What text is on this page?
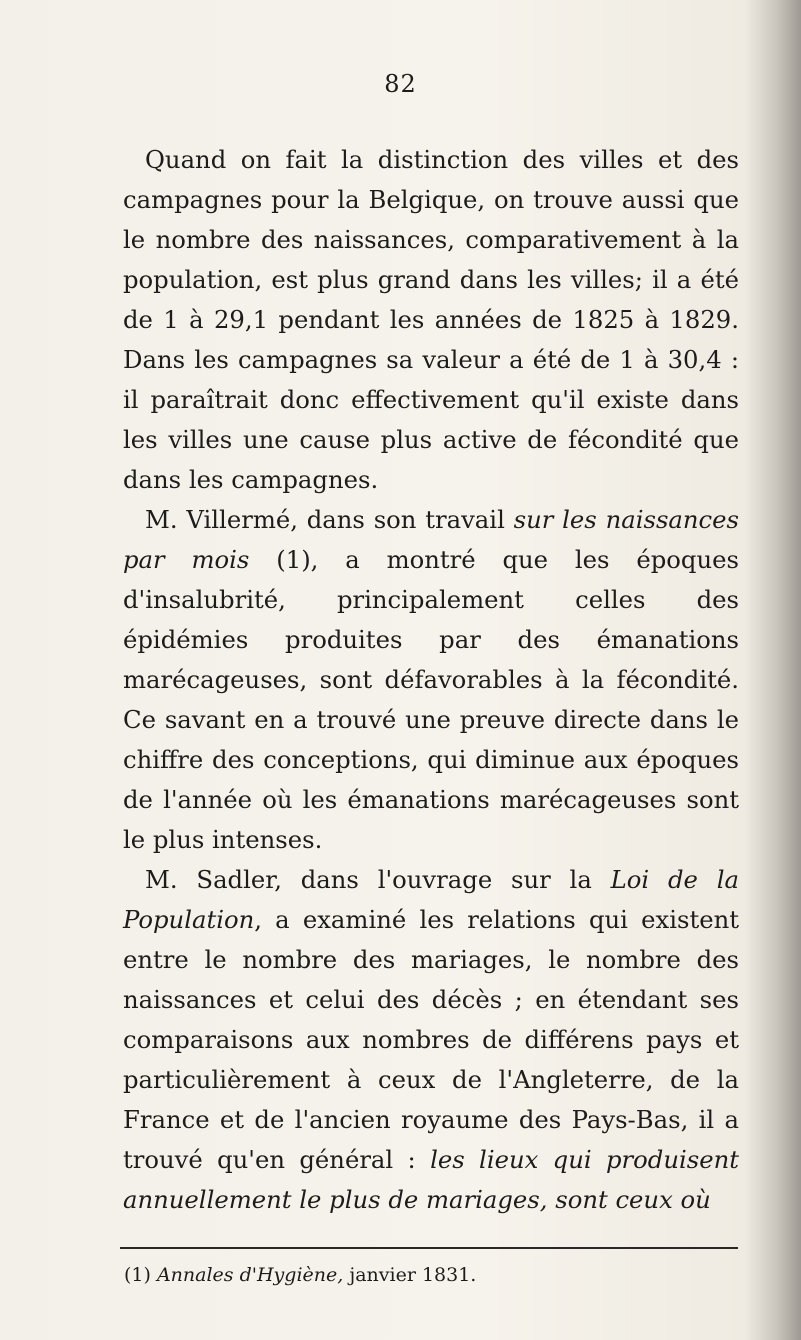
82

Quand on fait la distinction des villes et des campagnes pour la Belgique, on trouve aussi que le nombre des naissances, comparativement à la population, est plus grand dans les villes; il a été de 1 à 29,1 pendant les années de 1825 à 1829. Dans les campagnes sa valeur a été de 1 à 30,4 : il paraîtrait donc effectivement qu'il existe dans les villes une cause plus active de fécondité que dans les campagnes.

M. Villermé, dans son travail sur les naissances par mois (1), a montré que les époques d'insalubrité, principalement celles des épidémies produites par des émanations marécageuses, sont défavorables à la fécondité. Ce savant en a trouvé une preuve directe dans le chiffre des conceptions, qui diminue aux époques de l'année où les émanations marécageuses sont le plus intenses.

M. Sadler, dans l'ouvrage sur la Loi de la Population, a examiné les relations qui existent entre le nombre des mariages, le nombre des naissances et celui des décès ; en étendant ses comparaisons aux nombres de différens pays et particulièrement à ceux de l'Angleterre, de la France et de l'ancien royaume des Pays-Bas, il a trouvé qu'en général : les lieux qui produisent annuellement le plus de mariages, sont ceux où

(1) Annales d'Hygiène, janvier 1831.
